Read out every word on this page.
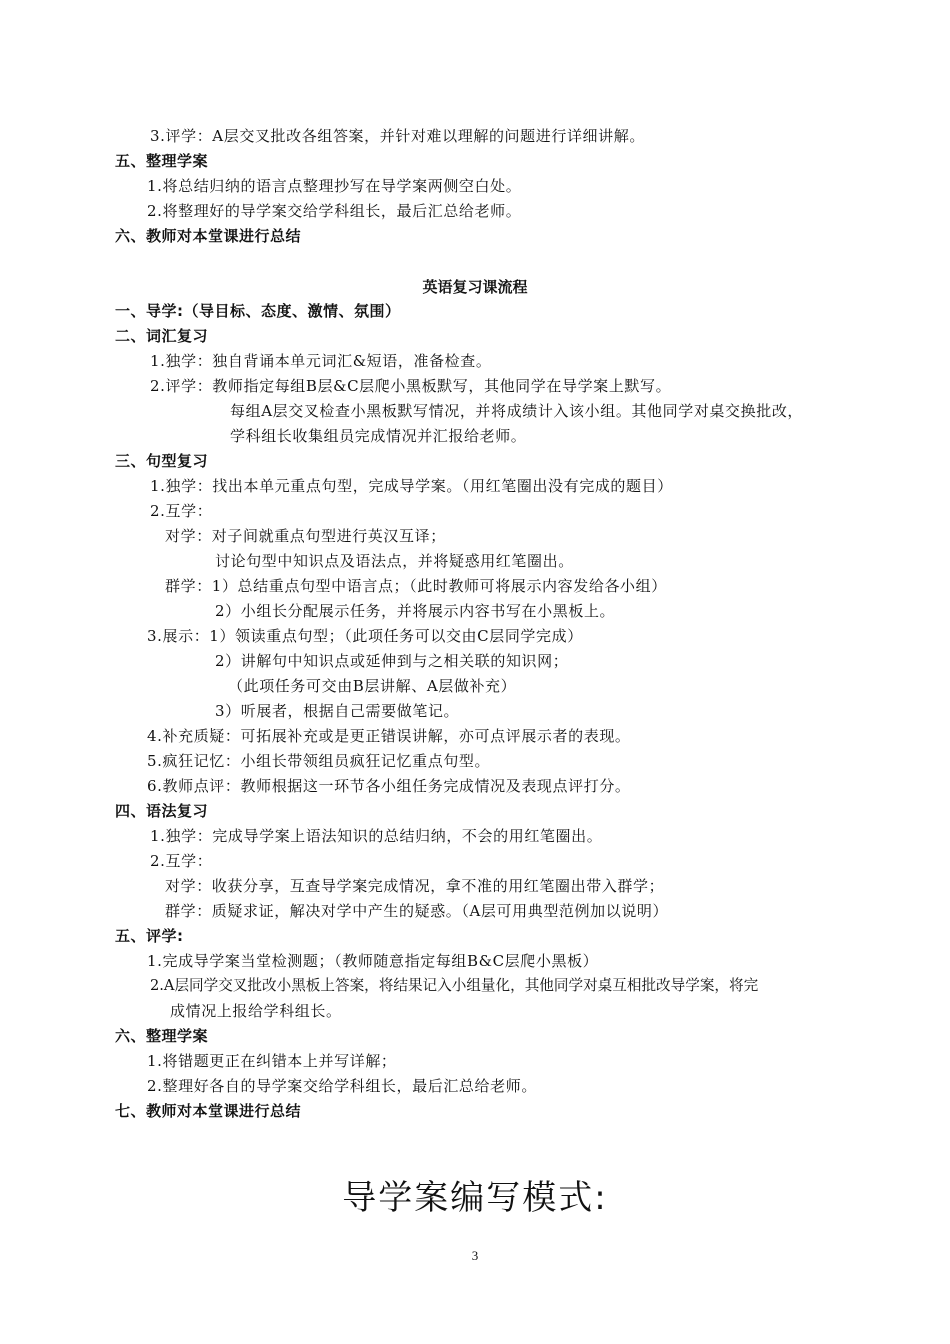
3.评学：A层交叉批改各组答案，并针对难以理解的问题进行详细讲解。
五、整理学案
1.将总结归纳的语言点整理抄写在导学案两侧空白处。
2.将整理好的导学案交给学科组长，最后汇总给老师。
六、教师对本堂课进行总结
英语复习课流程
一、导学:（导目标、态度、激情、氛围）
二、词汇复习
1.独学：独自背诵本单元词汇&短语，准备检查。
2.评学：教师指定每组B层&C层爬小黑板默写，其他同学在导学案上默写。
每组A层交叉检查小黑板默写情况，并将成绩计入该小组。其他同学对桌交换批改，
学科组长收集组员完成情况并汇报给老师。
三、句型复习
1.独学：找出本单元重点句型，完成导学案。（用红笔圈出没有完成的题目）
2.互学：
对学：对子间就重点句型进行英汉互译；
讨论句型中知识点及语法点，并将疑惑用红笔圈出。
群学：1）总结重点句型中语言点；（此时教师可将展示内容发给各小组）
2）小组长分配展示任务，并将展示内容书写在小黑板上。
3.展示：1）领读重点句型；（此项任务可以交由C层同学完成）
2）讲解句中知识点或延伸到与之相关联的知识网；
（此项任务可交由B层讲解、A层做补充）
3）听展者，根据自己需要做笔记。
4.补充质疑：可拓展补充或是更正错误讲解，亦可点评展示者的表现。
5.疯狂记忆：小组长带领组员疯狂记忆重点句型。
6.教师点评：教师根据这一环节各小组任务完成情况及表现点评打分。
四、语法复习
1.独学：完成导学案上语法知识的总结归纳，不会的用红笔圈出。
2.互学：
对学：收获分享，互查导学案完成情况，拿不准的用红笔圈出带入群学；
群学：质疑求证，解决对学中产生的疑惑。（A层可用典型范例加以说明）
五、评学:
1.完成导学案当堂检测题；（教师随意指定每组B&C层爬小黑板）
2.A层同学交叉批改小黑板上答案，将结果记入小组量化，其他同学对桌互相批改导学案，将完
成情况上报给学科组长。
六、整理学案
1.将错题更正在纠错本上并写详解；
2.整理好各自的导学案交给学科组长，最后汇总给老师。
七、教师对本堂课进行总结
导学案编写模式:
3
